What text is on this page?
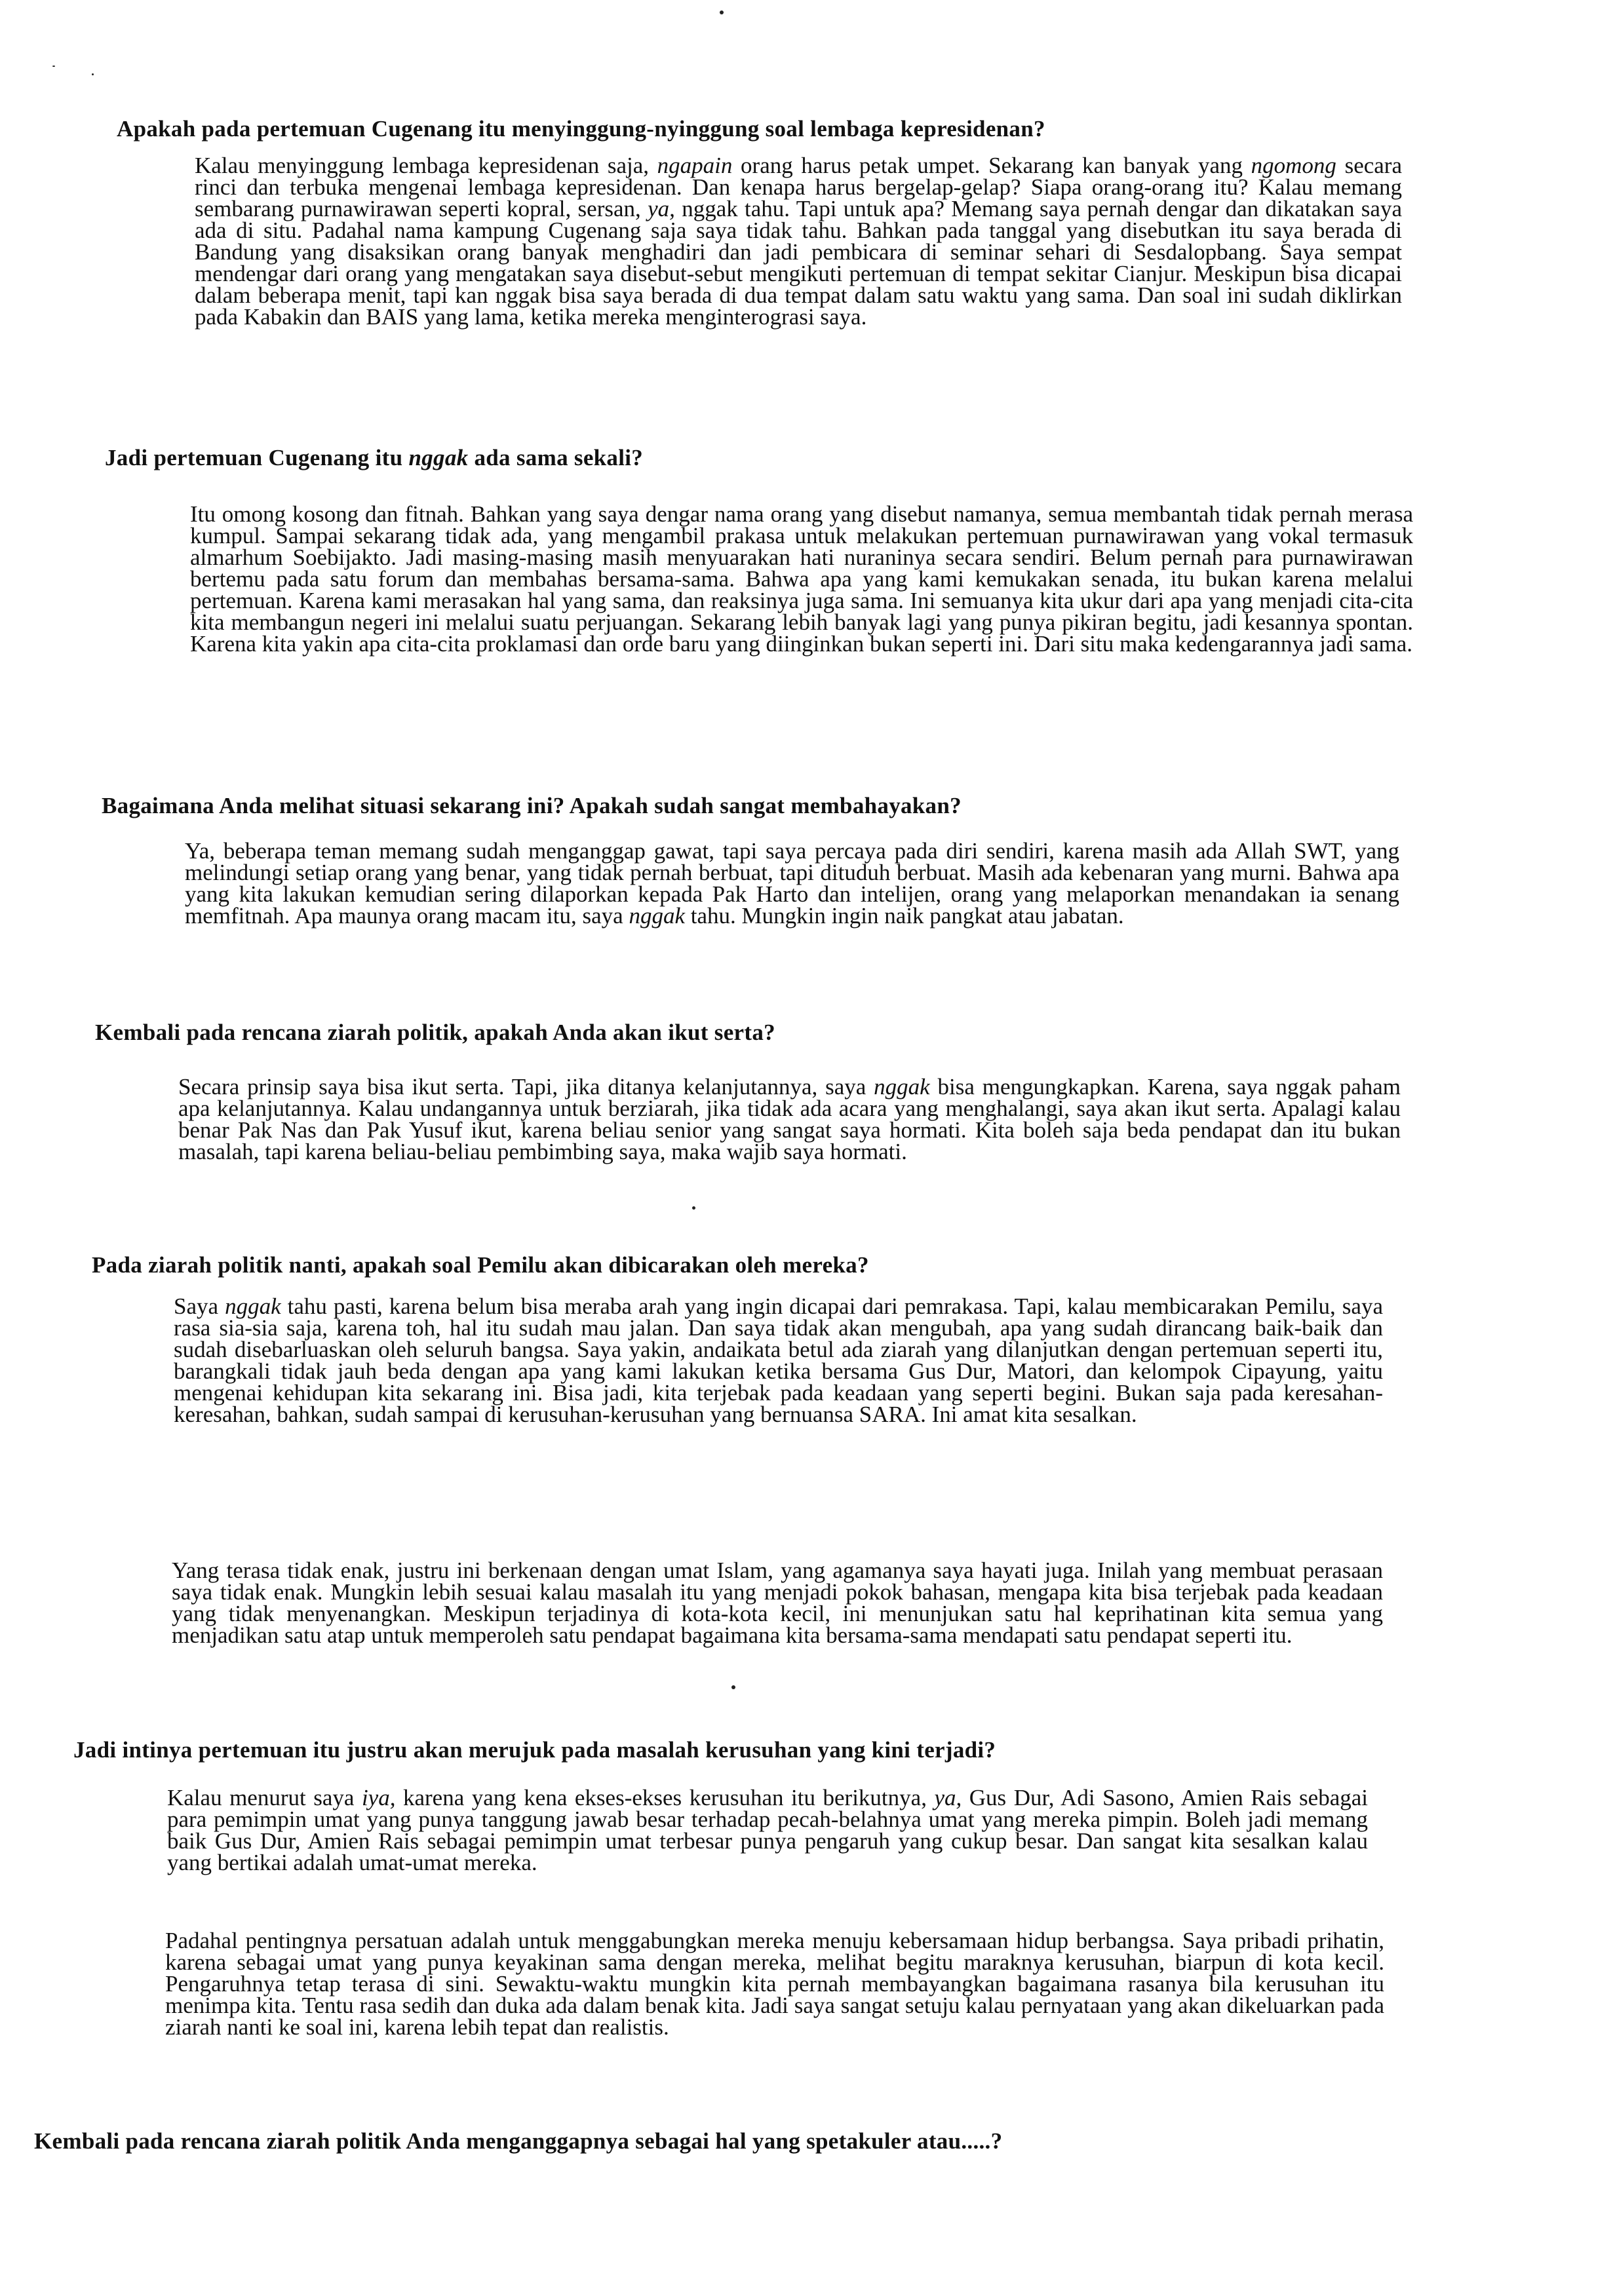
Apakah pada pertemuan Cugenang itu menyinggung-nyinggung soal lembaga kepresidenan?

Kalau menyinggung lembaga kepresidenan saja, ngapain orang harus petak umpet. Sekarang kan banyak yang ngomong secara rinci dan terbuka mengenai lembaga kepresidenan. Dan kenapa harus bergelap-gelap? Siapa orang-orang itu? Kalau memang sembarang purnawirawan seperti kopral, sersan, ya, nggak tahu. Tapi untuk apa? Memang saya pernah dengar dan dikatakan saya ada di situ. Padahal nama kampung Cugenang saja saya tidak tahu. Bahkan pada tanggal yang disebutkan itu saya berada di Bandung yang disaksikan orang banyak menghadiri dan jadi pembicara di seminar sehari di Sesdalopbang. Saya sempat mendengar dari orang yang mengatakan saya disebut-sebut mengikuti pertemuan di tempat sekitar Cianjur. Meskipun bisa dicapai dalam beberapa menit, tapi kan nggak bisa saya berada di dua tempat dalam satu waktu yang sama. Dan soal ini sudah diklirkan pada Kabakin dan BAIS yang lama, ketika mereka menginterograsi saya.

Jadi pertemuan Cugenang itu nggak ada sama sekali?

Itu omong kosong dan fitnah. Bahkan yang saya dengar nama orang yang disebut namanya, semua membantah tidak pernah merasa kumpul. Sampai sekarang tidak ada, yang mengambil prakasa untuk melakukan pertemuan purnawirawan yang vokal termasuk almarhum Soebijakto. Jadi masing-masing masih menyuarakan hati nuraninya secara sendiri. Belum pernah para purnawirawan bertemu pada satu forum dan membahas bersama-sama. Bahwa apa yang kami kemukakan senada, itu bukan karena melalui pertemuan. Karena kami merasakan hal yang sama, dan reaksinya juga sama. Ini semuanya kita ukur dari apa yang menjadi cita-cita kita membangun negeri ini melalui suatu perjuangan. Sekarang lebih banyak lagi yang punya pikiran begitu, jadi kesannya spontan. Karena kita yakin apa cita-cita proklamasi dan orde baru yang diinginkan bukan seperti ini. Dari situ maka kedengarannya jadi sama.

Bagaimana Anda melihat situasi sekarang ini? Apakah sudah sangat membahayakan?

Ya, beberapa teman memang sudah menganggap gawat, tapi saya percaya pada diri sendiri, karena masih ada Allah SWT, yang melindungi setiap orang yang benar, yang tidak pernah berbuat, tapi dituduh berbuat. Masih ada kebenaran yang murni. Bahwa apa yang kita lakukan kemudian sering dilaporkan kepada Pak Harto dan intelijen, orang yang melaporkan menandakan ia senang memfitnah. Apa maunya orang macam itu, saya nggak tahu. Mungkin ingin naik pangkat atau jabatan.

Kembali pada rencana ziarah politik, apakah Anda akan ikut serta?

Secara prinsip saya bisa ikut serta. Tapi, jika ditanya kelanjutannya, saya nggak bisa mengungkapkan. Karena, saya nggak paham apa kelanjutannya. Kalau undangannya untuk berziarah, jika tidak ada acara yang menghalangi, saya akan ikut serta. Apalagi kalau benar Pak Nas dan Pak Yusuf ikut, karena beliau senior yang sangat saya hormati. Kita boleh saja beda pendapat dan itu bukan masalah, tapi karena beliau-beliau pembimbing saya, maka wajib saya hormati.

Pada ziarah politik nanti, apakah soal Pemilu akan dibicarakan oleh mereka?

Saya nggak tahu pasti, karena belum bisa meraba arah yang ingin dicapai dari pemrakasa. Tapi, kalau membicarakan Pemilu, saya rasa sia-sia saja, karena toh, hal itu sudah mau jalan. Dan saya tidak akan mengubah, apa yang sudah dirancang baik-baik dan sudah disebarluaskan oleh seluruh bangsa. Saya yakin, andaikata betul ada ziarah yang dilanjutkan dengan pertemuan seperti itu, barangkali tidak jauh beda dengan apa yang kami lakukan ketika bersama Gus Dur, Matori, dan kelompok Cipayung, yaitu mengenai kehidupan kita sekarang ini. Bisa jadi, kita terjebak pada keadaan yang seperti begini. Bukan saja pada keresahan-keresahan, bahkan, sudah sampai di kerusuhan-kerusuhan yang bernuansa SARA. Ini amat kita sesalkan.

Yang terasa tidak enak, justru ini berkenaan dengan umat Islam, yang agamanya saya hayati juga. Inilah yang membuat perasaan saya tidak enak. Mungkin lebih sesuai kalau masalah itu yang menjadi pokok bahasan, mengapa kita bisa terjebak pada keadaan yang tidak menyenangkan. Meskipun terjadinya di kota-kota kecil, ini menunjukan satu hal keprihatinan kita semua yang menjadikan satu atap untuk memperoleh satu pendapat bagaimana kita bersama-sama mendapati satu pendapat seperti itu.

Jadi intinya pertemuan itu justru akan merujuk pada masalah kerusuhan yang kini terjadi?

Kalau menurut saya iya, karena yang kena ekses-ekses kerusuhan itu berikutnya, ya, Gus Dur, Adi Sasono, Amien Rais sebagai para pemimpin umat yang punya tanggung jawab besar terhadap pecah-belahnya umat yang mereka pimpin. Boleh jadi memang baik Gus Dur, Amien Rais sebagai pemimpin umat terbesar punya pengaruh yang cukup besar. Dan sangat kita sesalkan kalau yang bertikai adalah umat-umat mereka.

Padahal pentingnya persatuan adalah untuk menggabungkan mereka menuju kebersamaan hidup berbangsa. Saya pribadi prihatin, karena sebagai umat yang punya keyakinan sama dengan mereka, melihat begitu maraknya kerusuhan, biarpun di kota kecil. Pengaruhnya tetap terasa di sini. Sewaktu-waktu mungkin kita pernah membayangkan bagaimana rasanya bila kerusuhan itu menimpa kita. Tentu rasa sedih dan duka ada dalam benak kita. Jadi saya sangat setuju kalau pernyataan yang akan dikeluarkan pada ziarah nanti ke soal ini, karena lebih tepat dan realistis.

Kembali pada rencana ziarah politik Anda menganggapnya sebagai hal yang spetakuler atau.....?
